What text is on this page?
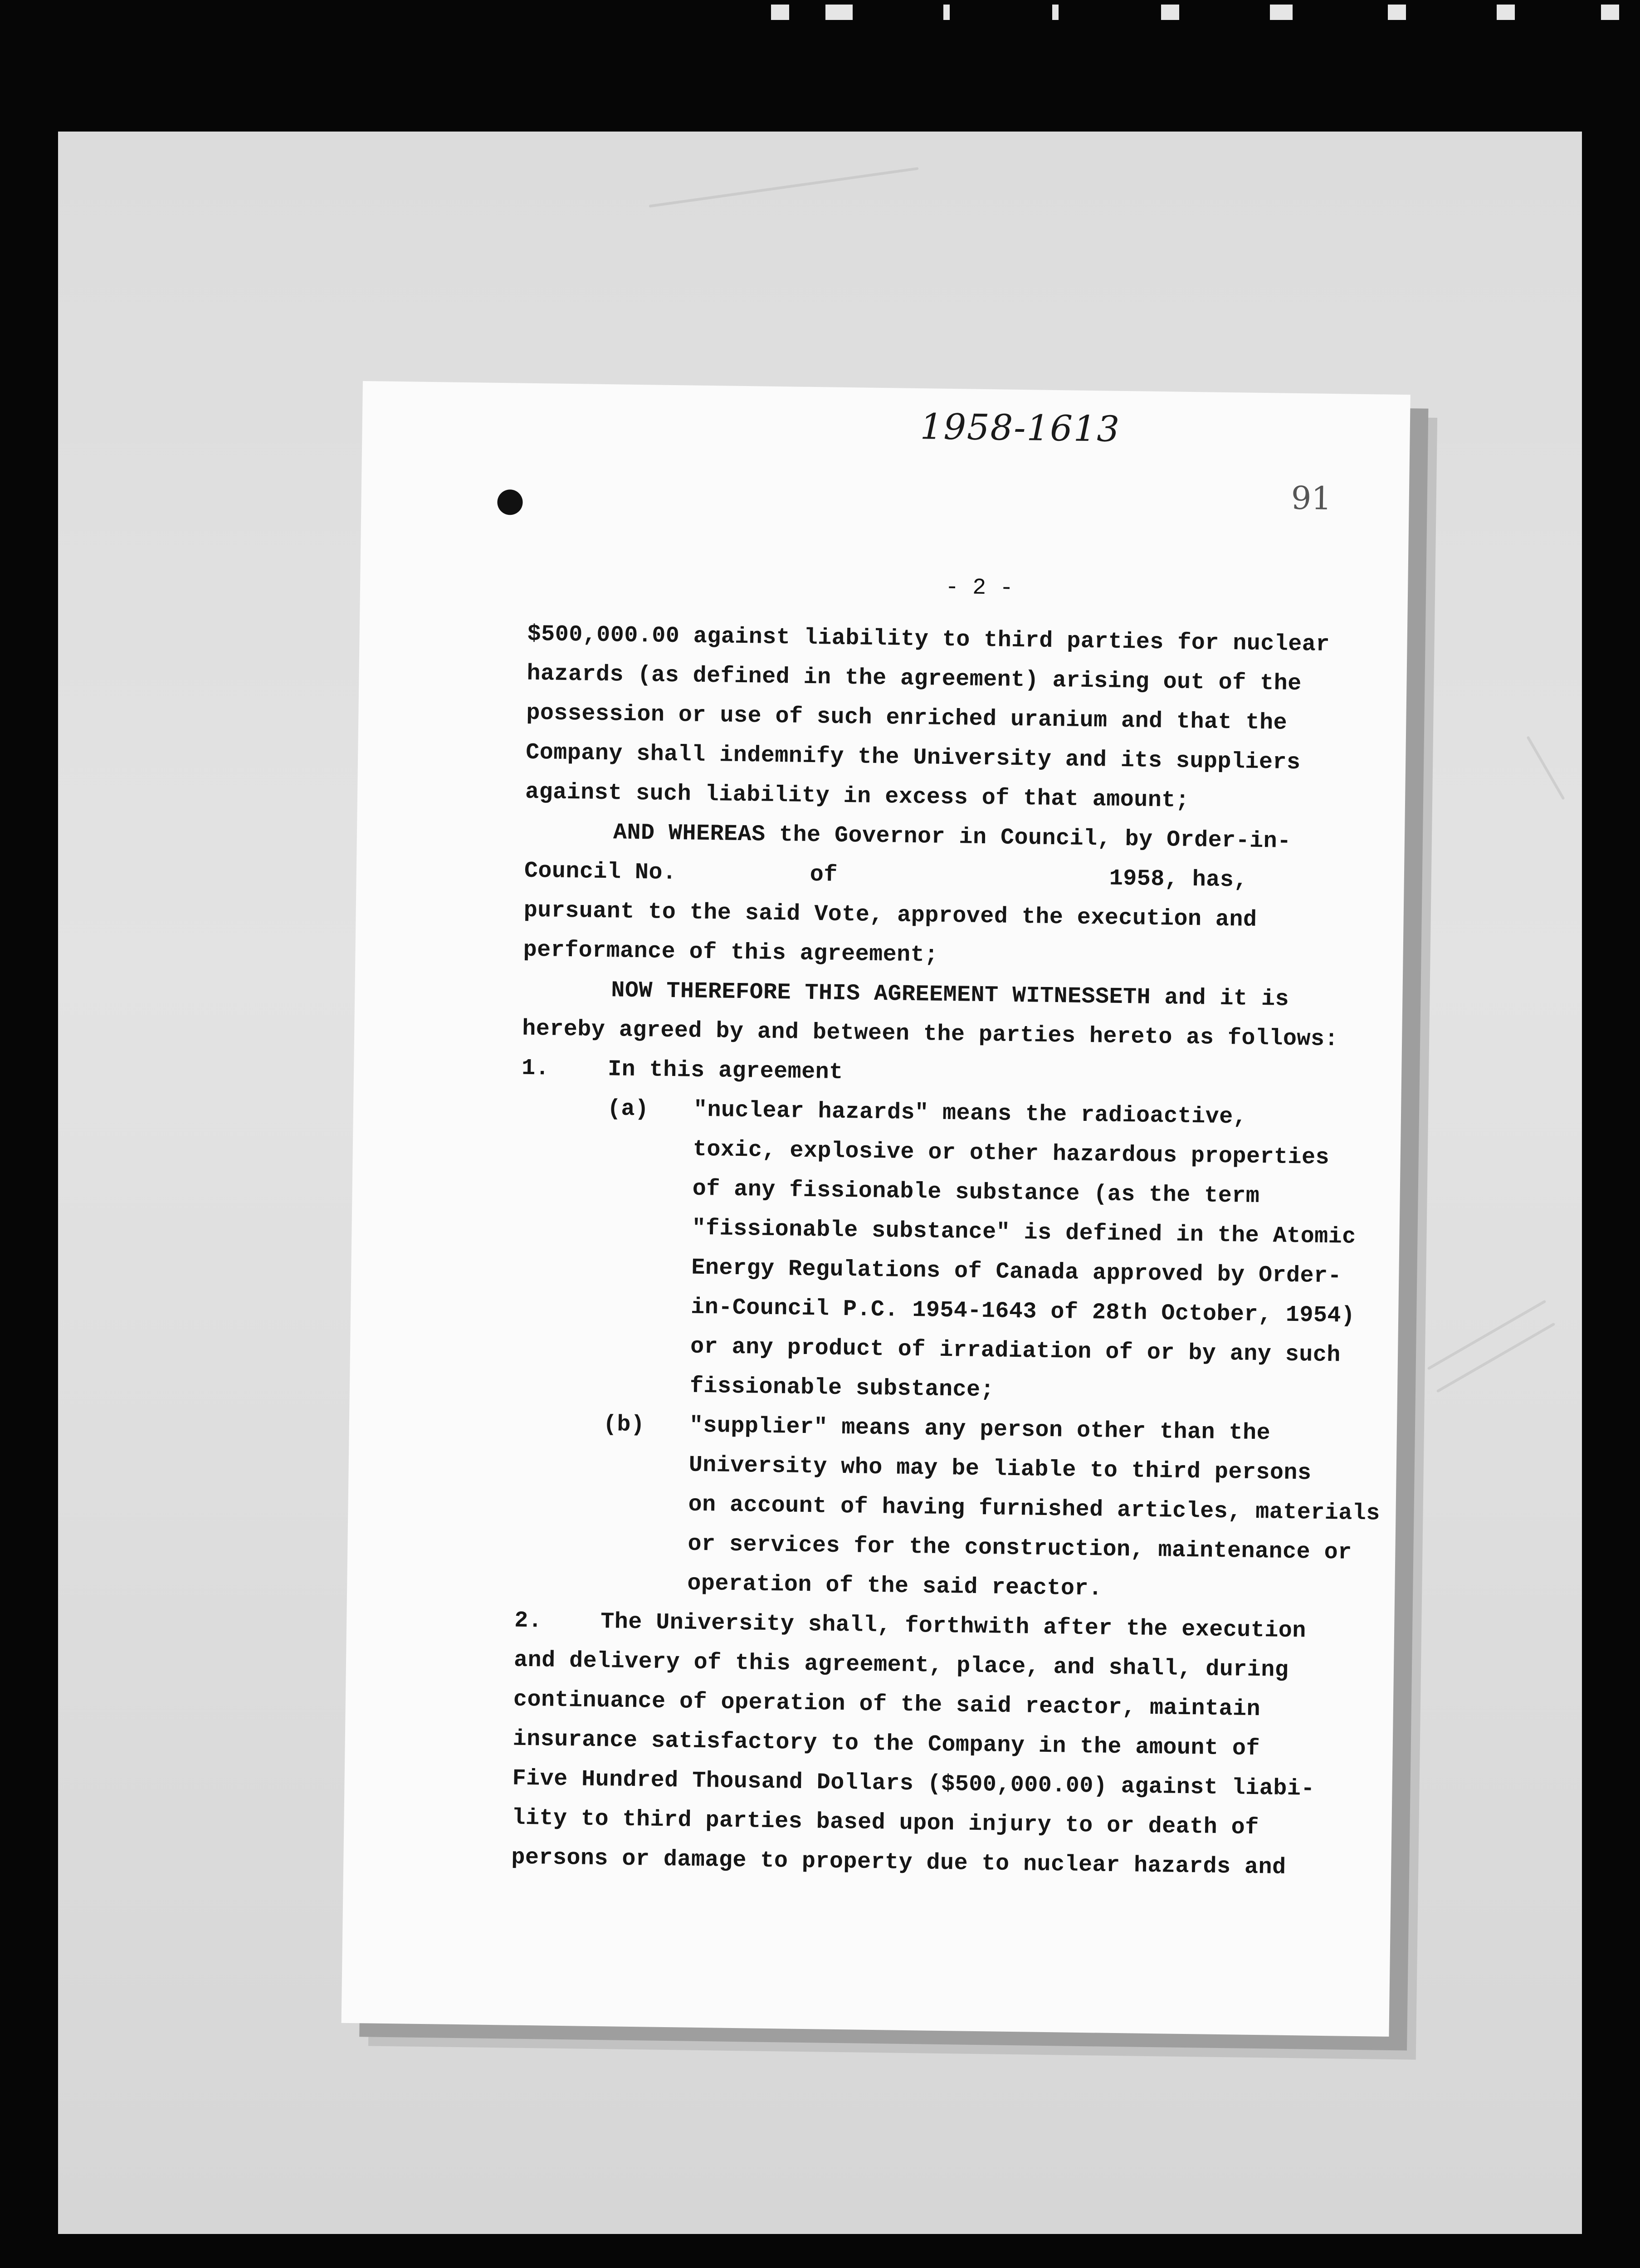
1958-1613
91
- 2 -
$500,000.00 against liability to third parties for nuclear
hazards (as defined in the agreement) arising out of the
possession or use of such enriched uranium and that the
Company shall indemnify the University and its suppliers
against such liability in excess of that amount;
AND WHEREAS the Governor in Council, by Order-in-
Council No.	of	1958, has,
pursuant to the said Vote, approved the execution and
performance of this agreement;
NOW THEREFORE THIS AGREEMENT WITNESSETH and it is
hereby agreed by and between the parties hereto as follows:
1.	In this agreement
(a) "nuclear hazards" means the radioactive,
toxic, explosive or other hazardous properties
of any fissionable substance (as the term
"fissionable substance" is defined in the Atomic
Energy Regulations of Canada approved by Order-
in-Council P.C. 1954-1643 of 28th October, 1954)
or any product of irradiation of or by any such
fissionable substance;
(b) "supplier" means any person other than the
University who may be liable to third persons
on account of having furnished articles, materials
or services for the construction, maintenance or
operation of the said reactor.
2.	The University shall, forthwith after the execution
and delivery of this agreement, place, and shall, during
continuance of operation of the said reactor, maintain
insurance satisfactory to the Company in the amount of
Five Hundred Thousand Dollars ($500,000.00) against liabi-
lity to third parties based upon injury to or death of
persons or damage to property due to nuclear hazards and
